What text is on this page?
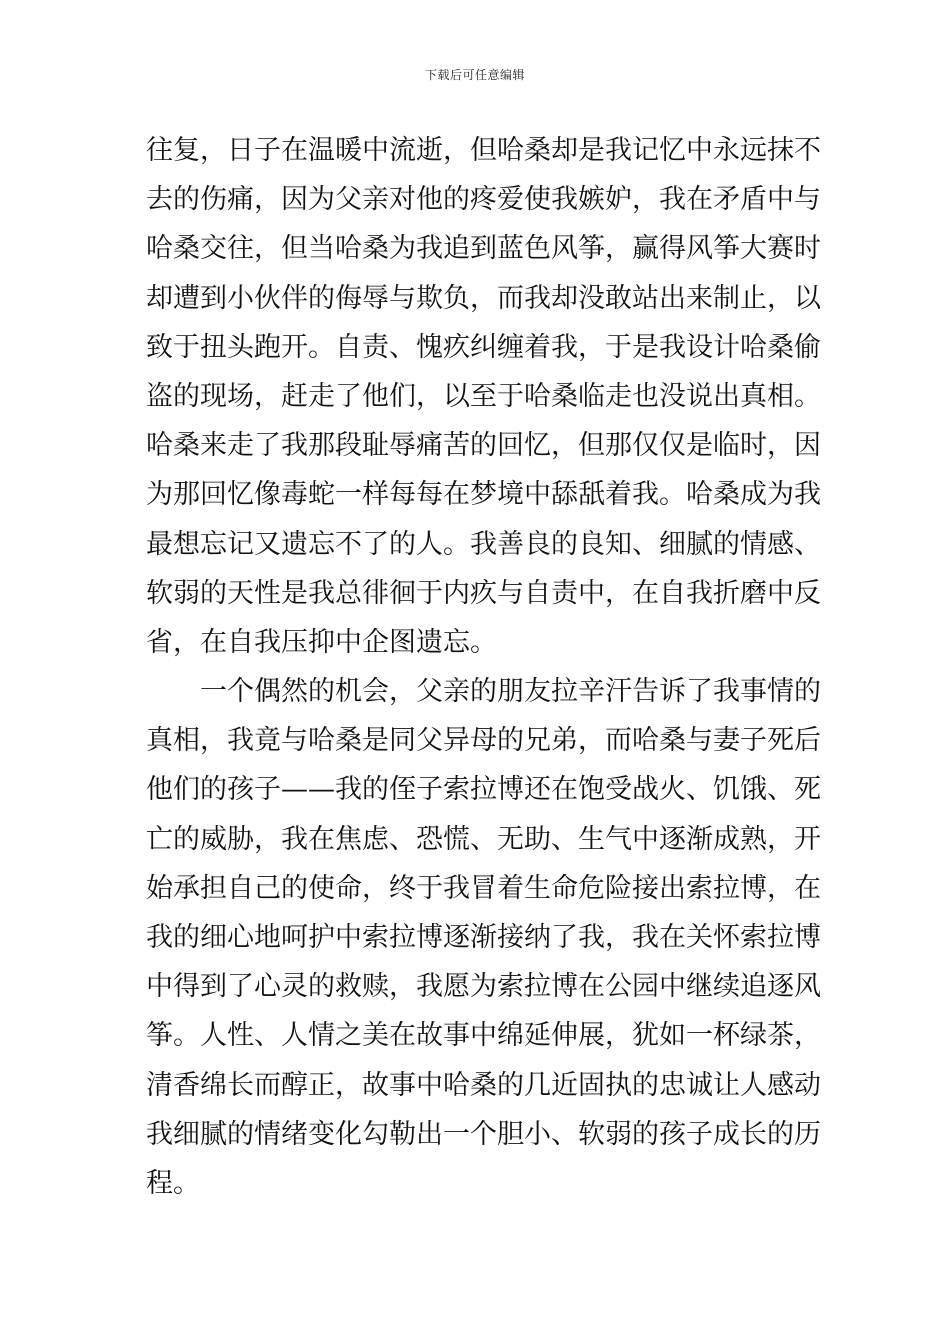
下载后可任意编辑
往复，日子在温暖中流逝，但哈桑却是我记忆中永远抹不
去的伤痛，因为父亲对他的疼爱使我嫉妒，我在矛盾中与
哈桑交往，但当哈桑为我追到蓝色风筝，赢得风筝大赛时
却遭到小伙伴的侮辱与欺负，而我却没敢站出来制止，以
致于扭头跑开。自责、愧疚纠缠着我，于是我设计哈桑偷
盗的现场，赶走了他们，以至于哈桑临走也没说出真相。
哈桑来走了我那段耻辱痛苦的回忆，但那仅仅是临时，因
为那回忆像毒蛇一样每每在梦境中舔舐着我。哈桑成为我
最想忘记又遗忘不了的人。我善良的良知、细腻的情感、
软弱的天性是我总徘徊于内疚与自责中，在自我折磨中反
省，在自我压抑中企图遗忘。
一个偶然的机会，父亲的朋友拉辛汗告诉了我事情的
真相，我竟与哈桑是同父异母的兄弟，而哈桑与妻子死后
他们的孩子——我的侄子索拉博还在饱受战火、饥饿、死
亡的威胁，我在焦虑、恐慌、无助、生气中逐渐成熟，开
始承担自己的使命，终于我冒着生命危险接出索拉博，在
我的细心地呵护中索拉博逐渐接纳了我，我在关怀索拉博
中得到了心灵的救赎，我愿为索拉博在公园中继续追逐风
筝。人性、人情之美在故事中绵延伸展，犹如一杯绿茶，
清香绵长而醇正，故事中哈桑的几近固执的忠诚让人感动
我细腻的情绪变化勾勒出一个胆小、软弱的孩子成长的历
程。
